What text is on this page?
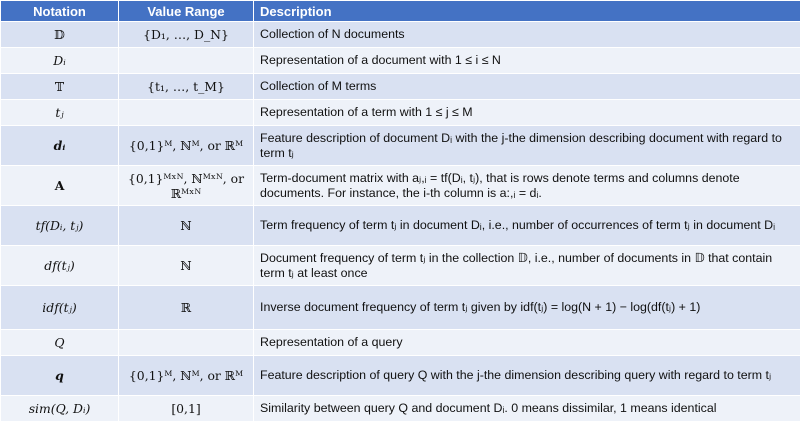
Notation	Value Range	Description
𝔻	{D₁, …, D_N}	Collection of N documents
Dᵢ		Representation of a document with 1 ≤ i ≤ N
𝕋	{t₁, …, t_M}	Collection of M terms
tⱼ		Representation of a term with 1 ≤ j ≤ M
dᵢ	{0,1}ᴹ, ℕᴹ, or ℝᴹ	Feature description of document Dᵢ with the j-the dimension describing document with regard to term tⱼ
A	{0,1}ᴹˣᴺ, ℕᴹˣᴺ, or ℝᴹˣᴺ	Term-document matrix with aⱼ,ᵢ = tf(Dᵢ, tⱼ), that is rows denote terms and columns denote documents. For instance, the i-th column is a:,ᵢ = dᵢ.
tf(Dᵢ, tⱼ)	ℕ	Term frequency of term tⱼ in document Dᵢ, i.e., number of occurrences of term tⱼ in document Dᵢ
df(tⱼ)	ℕ	Document frequency of term tⱼ in the collection 𝔻, i.e., number of documents in 𝔻 that contain term tⱼ at least once
idf(tⱼ)	ℝ	Inverse document frequency of term tⱼ given by idf(tⱼ) = log(N + 1) − log(df(tⱼ) + 1)
Q		Representation of a query
q	{0,1}ᴹ, ℕᴹ, or ℝᴹ	Feature description of query Q with the j-the dimension describing query with regard to term tⱼ
sim(Q, Dᵢ)	[0,1]	Similarity between query Q and document Dᵢ. 0 means dissimilar, 1 means identical
